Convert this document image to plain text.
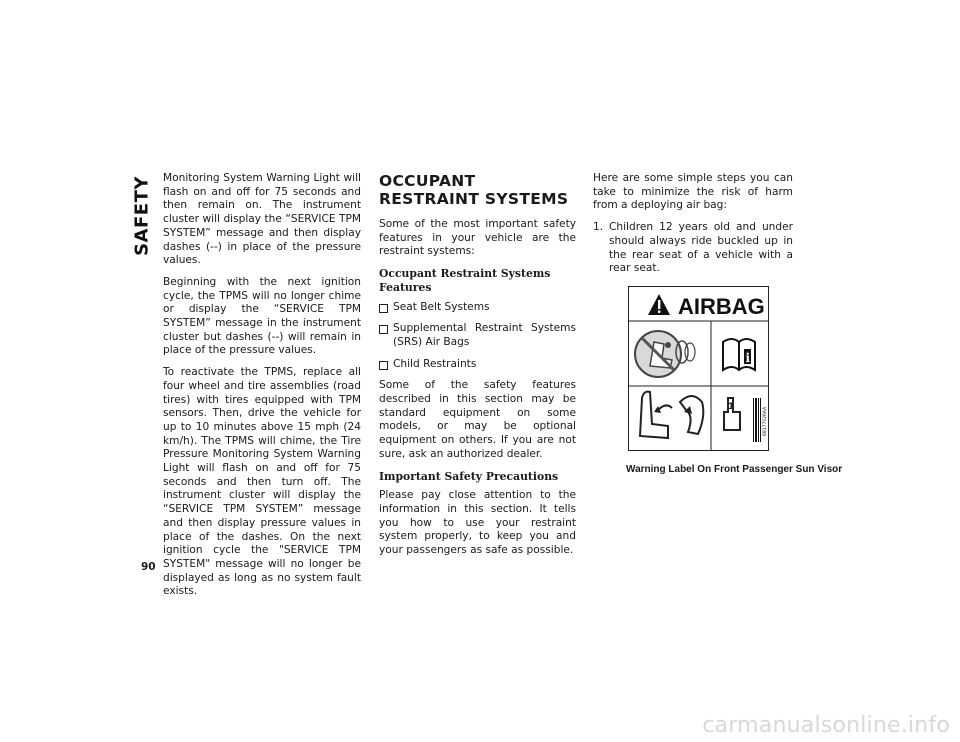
SAFETY Monitoring System Warning Light will flash on and off for 75 seconds and then remain on. The instrument cluster will display the “SERVICE TPM SYSTEM” message and then display dashes (--) in place of the pressure values.

Beginning with the next ignition cycle, the TPMS will no longer chime or display the “SERVICE TPM SYSTEM” message in the instrument cluster but dashes (--) will remain in place of the pressure values.

To reactivate the TPMS, replace all four wheel and tire assemblies (road tires) with tires equipped with TPM sensors. Then, drive the vehicle for up to 10 minutes above 15 mph (24 km/h). The TPMS will chime, the Tire Pressure Monitoring System Warning Light will flash on and off for 75 seconds and then turn off. The instrument cluster will display the “SERVICE TPM SYSTEM” message and then display pressure values in place of the dashes. On the next ignition cycle the "SERVICE TPM SYSTEM" message will no longer be displayed as long as no system fault exists.

OCCUPANT RESTRAINT SYSTEMS

Some of the most important safety features in your vehicle are the restraint systems:

Occupant Restraint Systems Features
Seat Belt Systems
Supplemental Restraint Systems (SRS) Air Bags
Child Restraints

Some of the safety features described in this section may be standard equipment on some models, or may be optional equipment on others. If you are not sure, ask an authorized dealer.

Important Safety Precautions

Please pay close attention to the information in this section. It tells you how to use your restraint system properly, to keep you and your passengers as safe as possible.

Here are some simple steps you can take to minimize the risk of harm from a deploying air bag:

1. Children 12 years old and under should always ride buckled up in the rear seat of a vehicle with a rear seat.
AIRBAG
i
1	68177026AA
Warning Label On Front Passenger Sun Visor
90
carmanualsonline.info
